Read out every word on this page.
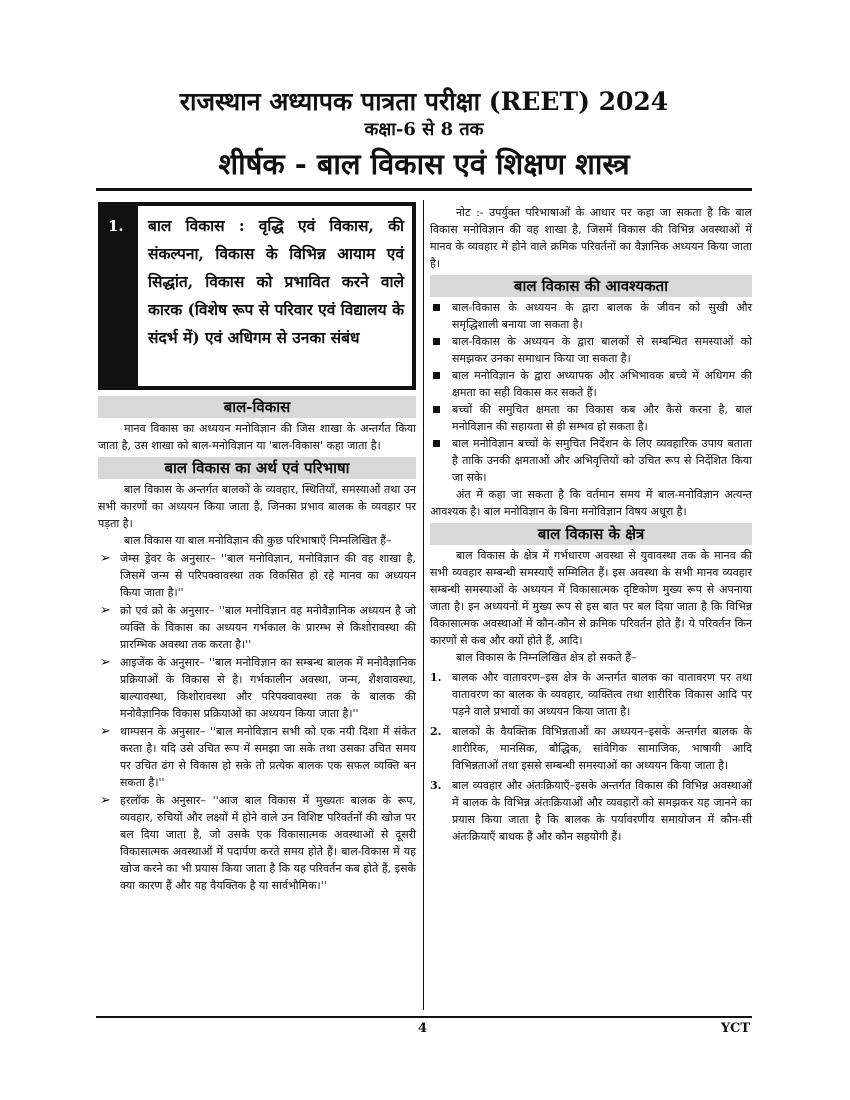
राजस्थान अध्यापक पात्रता परीक्षा (REET) 2024
कक्षा-6 से 8 तक
शीर्षक - बाल विकास एवं शिक्षण शास्त्र
1. बाल विकास : वृद्धि एवं विकास, की संकल्पना, विकास के विभिन्न आयाम एवं सिद्धांत, विकास को प्रभावित करने वाले कारक (विशेष रूप से परिवार एवं विद्यालय के संदर्भ में) एवं अधिगम से उनका संबंध
बाल-विकास

मानव विकास का अध्ययन मनोविज्ञान की जिस शाखा के अन्तर्गत किया जाता है, उस शाखा को बाल-मनोविज्ञान या 'बाल-विकास' कहा जाता है।

बाल विकास का अर्थ एवं परिभाषा

बाल विकास के अन्तर्गत बालकों के व्यवहार, स्थितियाँ, समस्याओं तथा उन सभी कारणों का अध्ययन किया जाता है, जिनका प्रभाव बालक के व्यवहार पर पड़ता है।

बाल विकास या बाल मनोविज्ञान की कुछ परिभाषाएँ निम्नलिखित हैं–

➢ जेम्स ड्रेवर के अनुसार– ''बाल मनोविज्ञान, मनोविज्ञान की वह शाखा है, जिसमें जन्म से परिपक्वावस्था तक विकसित हो रहे मानव का अध्ययन किया जाता है।''
➢ क्रो एवं क्रो के अनुसार– ''बाल मनोविज्ञान वह मनोवैज्ञानिक अध्ययन है जो व्यक्ति के विकास का अध्ययन गर्भकाल के प्रारम्भ से किशोरावस्था की प्रारम्भिक अवस्था तक करता है।''
➢ आइजेंक के अनुसार– ''बाल मनोविज्ञान का सम्बन्ध बालक में मनोवैज्ञानिक प्रक्रियाओं के विकास से है। गर्भकालीन अवस्था, जन्म, शैशवावस्था, बाल्यावस्था, किशोरावस्था और परिपक्वावस्था तक के बालक की मनोवैज्ञानिक विकास प्रक्रियाओं का अध्ययन किया जाता है।''
➢ थाम्पसन के अनुसार– ''बाल मनोविज्ञान सभी को एक नयी दिशा में संकेत करता है। यदि उसे उचित रूप में समझा जा सके तथा उसका उचित समय पर उचित ढंग से विकास हो सके तो प्रत्येक बालक एक सफल व्यक्ति बन सकता है।''
➢ हरलॉक के अनुसार– ''आज बाल विकास में मुख्यतः बालक के रूप, व्यवहार, रुचियों और लक्ष्यों में होने वाले उन विशिष्ट परिवर्तनों की खोज पर बल दिया जाता है, जो उसके एक विकासात्मक अवस्थाओं से दूसरी विकासात्मक अवस्थाओं में पदार्पण करते समय होते हैं। बाल-विकास में यह खोज करने का भी प्रयास किया जाता है कि यह परिवर्तन कब होते हैं, इसके क्या कारण हैं और यह वैयक्तिक है या सार्वभौमिक।''

नोट :- उपर्युक्त परिभाषाओं के आधार पर कहा जा सकता है कि बाल विकास मनोविज्ञान की वह शाखा है, जिसमें विकास की विभिन्न अवस्थाओं में मानव के व्यवहार में होने वाले क्रमिक परिवर्तनों का वैज्ञानिक अध्ययन किया जाता है।

बाल विकास की आवश्यकता
बाल-विकास के अध्ययन के द्वारा बालक के जीवन को सुखी और समृद्धिशाली बनाया जा सकता है।
बाल-विकास के अध्ययन के द्वारा बालकों से सम्बन्धित समस्याओं को समझकर उनका समाधान किया जा सकता है।
बाल मनोविज्ञान के द्वारा अध्यापक और अभिभावक बच्चे में अधिगम की क्षमता का सही विकास कर सकते हैं।
बच्चों की समुचित क्षमता का विकास कब और कैसे करना है, बाल मनोविज्ञान की सहायता से ही सम्भव हो सकता है।
बाल मनोविज्ञान बच्चों के समुचित निर्देशन के लिए व्यवहारिक उपाय बताता है ताकि उनकी क्षमताओं और अभिवृत्तियों को उचित रूप से निर्देशित किया जा सके।

अंत में कहा जा सकता है कि वर्तमान समय में बाल-मनोविज्ञान अत्यन्त आवश्यक है। बाल मनोविज्ञान के बिना मनोविज्ञान विषय अधूरा है।

बाल विकास के क्षेत्र

बाल विकास के क्षेत्र में गर्भधारण अवस्था से युवावस्था तक के मानव की सभी व्यवहार सम्बन्धी समस्याएँ सम्मिलित हैं। इस अवस्था के सभी मानव व्यवहार सम्बन्धी समस्याओं के अध्ययन में विकासात्मक दृष्टिकोण मुख्य रूप से अपनाया जाता है। इन अध्ययनों में मुख्य रूप से इस बात पर बल दिया जाता है कि विभिन्न विकासात्मक अवस्थाओं में कौन-कौन से क्रमिक परिवर्तन होते हैं। ये परिवर्तन किन कारणों से कब और क्यों होते हैं, आदि।

बाल विकास के निम्नलिखित क्षेत्र हो सकते हैं–

1. बालक और वातावरण–इस क्षेत्र के अन्तर्गत बालक का वातावरण पर तथा वातावरण का बालक के व्यवहार, व्यक्तित्व तथा शारीरिक विकास आदि पर पड़ने वाले प्रभावों का अध्ययन किया जाता है।
2. बालकों के वैयक्तिक विभिन्नताओं का अध्ययन–इसके अन्तर्गत बालक के शारीरिक, मानसिक, बौद्धिक, सांवेगिक सामाजिक, भाषायी आदि विभिन्नताओं तथा इससे सम्बन्धी समस्याओं का अध्ययन किया जाता है।
3. बाल व्यवहार और अंतःक्रियाएँ–इसके अन्तर्गत विकास की विभिन्न अवस्थाओं में बालक के विभिन्न अंतःक्रियाओं और व्यवहारों को समझकर यह जानने का प्रयास किया जाता है कि बालक के पर्यावरणीय समायोजन में कौन-सी अंतःक्रियाएँ बाधक हैं और कौन सहयोगी हैं।
4	YCT
